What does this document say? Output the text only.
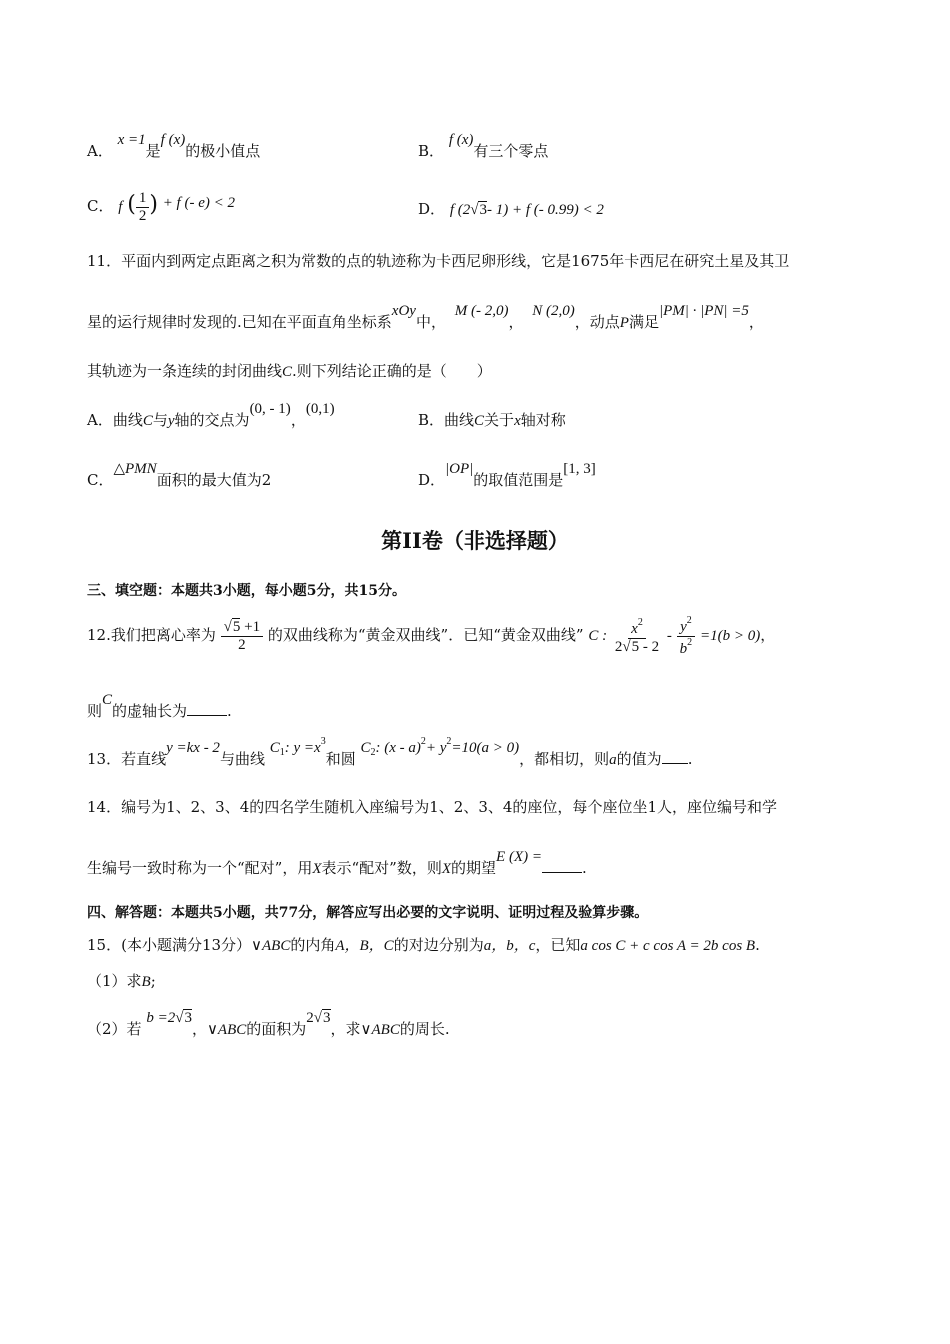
A． x =1是f (x)的极小值点	B． f (x)有三个零点
C． f ( $\frac{1}{2}$ ) + f (- e) < 2	D． f (2√3- 1) + f (- 0.99) < 2
11．平面内到两定点距离之积为常数的点的轨迹称为卡西尼卵形线，它是1675年卡西尼在研究土星及其卫
星的运行规律时发现的.已知在平面直角坐标系xOy中， M (- 2,0)， N (2,0)，动点P满足|PM| · |PN| =5，
其轨迹为一条连续的封闭曲线C.则下列结论正确的是（　　）
A．曲线C与y轴的交点为(0, - 1)，(0,1)
B．曲线C关于x轴对称
C．△PMN面积的最大值为2	D．|OP|的取值范围是[1, 3]
第II卷（非选择题）
三、填空题：本题共3小题，每小题5分，共15分。
12.我们把离心率为 $\frac{√5 +1}{2}$ 的双曲线称为“黄金双曲线”．已知“黄金双曲线” C : $\frac{x^2}{2√5 - 2} - \frac{y^2}{b^2} =1(b > 0)$，
则C的虚轴长为	.
13．若直线y =kx - 2与曲线 $C_1$: $y =x^3$和圆 $C_2$: $(x - a)^2+ y^2=10(a > 0)$，都相切，则a的值为 .
14．编号为1、2、3、4的四名学生随机入座编号为1、2、3、4的座位，每个座位坐1人，座位编号和学
生编号一致时称为一个“配对”，用X表示“配对”数，则X的期望E (X) =.
四、解答题：本题共5小题，共77分，解答应写出必要的文字说明、证明过程及验算步骤。
15．(本小题满分13分）∨ABC的内角A，B，C的对边分别为a，b，c，已知a cos C + c cos A = 2b cos B.
（1）求B;
（2）若 b =2√3，∨ABC的面积为2√3，求∨ABC的周长.
